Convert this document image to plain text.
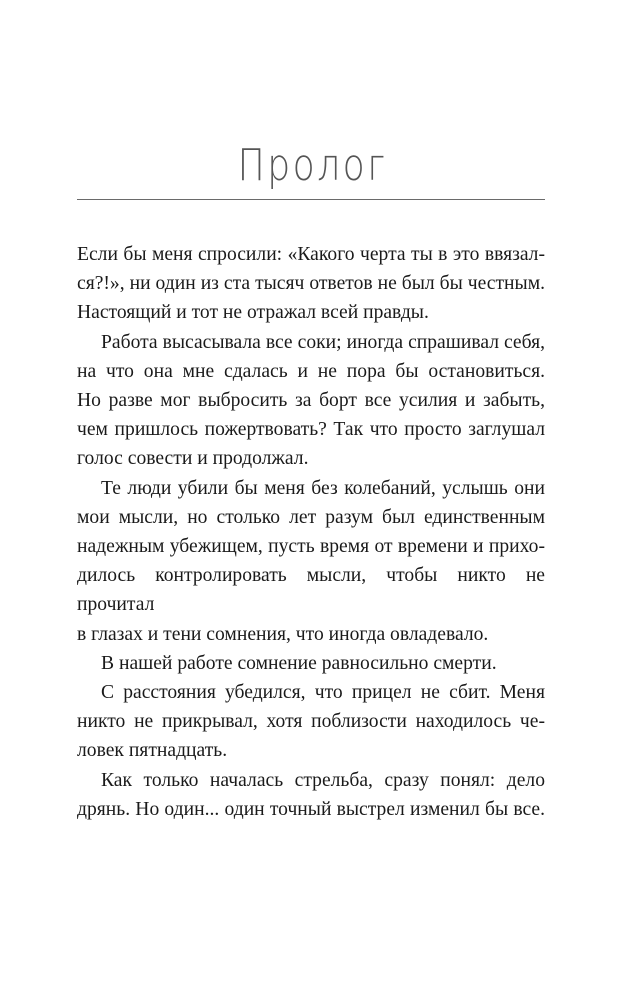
Пролог
Если бы меня спросили: «Какого черта ты в это ввязал-
ся?!», ни один из ста тысяч ответов не был бы честным.
Настоящий и тот не отражал всей правды.
Работа высасывала все соки; иногда спрашивал себя,
на что она мне сдалась и не пора бы остановиться.
Но разве мог выбросить за борт все усилия и забыть,
чем пришлось пожертвовать? Так что просто заглушал
голос совести и продолжал.
Те люди убили бы меня без колебаний, услышь они
мои мысли, но столько лет разум был единственным
надежным убежищем, пусть время от времени и прихо-
дилось контролировать мысли, чтобы никто не прочитал
в глазах и тени сомнения, что иногда овладевало.
В нашей работе сомнение равносильно смерти.
С расстояния убедился, что прицел не сбит. Меня
никто не прикрывал, хотя поблизости находилось че-
ловек пятнадцать.
Как только началась стрельба, сразу понял: дело
дрянь. Но один... один точный выстрел изменил бы все.
